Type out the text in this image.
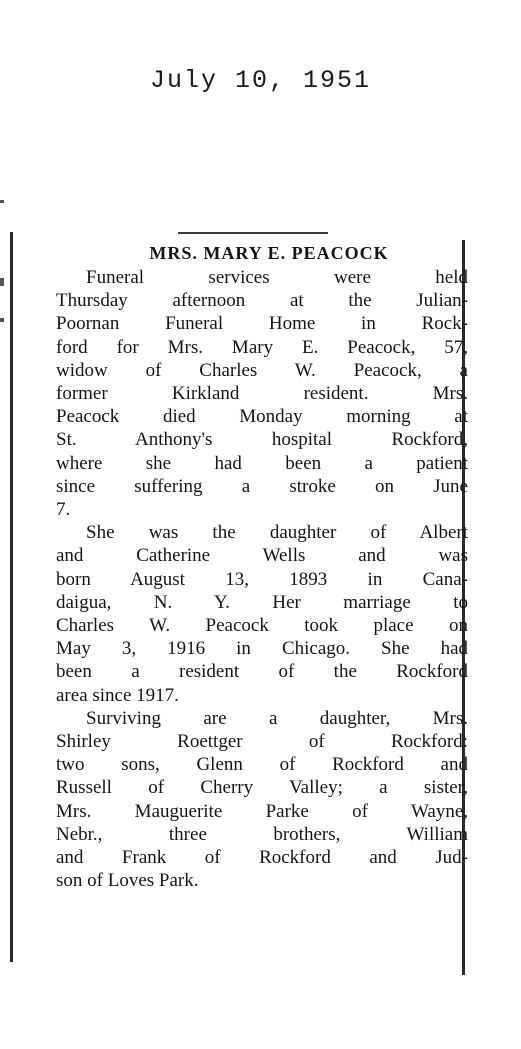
July 10, 1951
MRS. MARY E. PEACOCK
Funeral services were held
Thursday afternoon at the Julian-
Poornan Funeral Home in Rock-
ford for Mrs. Mary E. Peacock, 57,
widow of Charles W. Peacock, a
former Kirkland resident. Mrs.
Peacock died Monday morning at
St. Anthony's hospital Rockford,
where she had been a patient
since suffering a stroke on June
7.
She was the daughter of Albert
and Catherine Wells and was
born August 13, 1893 in Cana-
daigua, N. Y. Her marriage to
Charles W. Peacock took place on
May 3, 1916 in Chicago. She had
been a resident of the Rockford
area since 1917.
Surviving are a daughter, Mrs.
Shirley Roettger of Rockford:
two sons, Glenn of Rockford and
Russell of Cherry Valley; a sister,
Mrs. Mauguerite Parke of Wayne,
Nebr., three brothers, William
and Frank of Rockford and Jud-
son of Loves Park.
